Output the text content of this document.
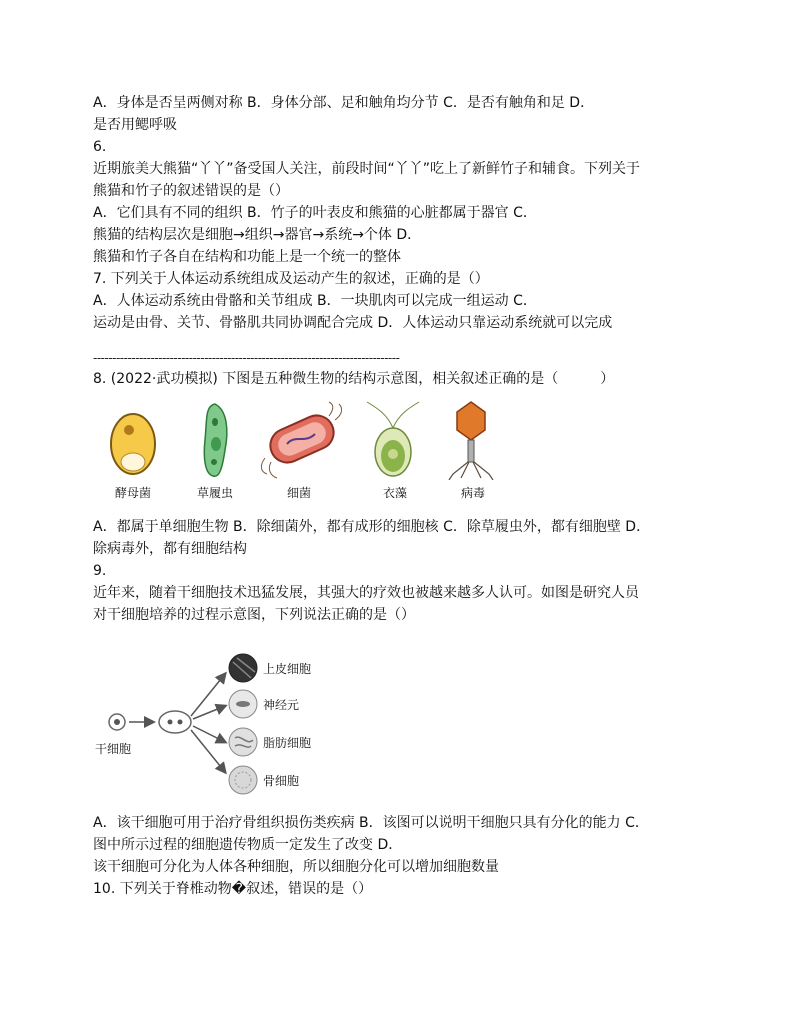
A．身体是否呈两侧对称 B．身体分部、足和触角均分节 C．是否有触角和足 D．
是否用鳃呼吸
6.
近期旅美大熊猫“丫丫”备受国人关注，前段时间“丫丫”吃上了新鲜竹子和辅食。下列关于
熊猫和竹子的叙述错误的是（）
A．它们具有不同的组织 B．竹子的叶表皮和熊猫的心脏都属于器官 C．
熊猫的结构层次是细胞→组织→器官→系统→个体 D．
熊猫和竹子各自在结构和功能上是一个统一的整体
7. 下列关于人体运动系统组成及运动产生的叙述，正确的是（）
A．人体运动系统由骨骼和关节组成 B．一块肌肉可以完成一组运动 C．
运动是由骨、关节、骨骼肌共同协调配合完成 D．人体运动只靠运动系统就可以完成
--------------------------------------------------------------------------------
8. (2022·武功模拟) 下图是五种微生物的结构示意图，相关叙述正确的是（　　　）
酵母菌	草履虫	细菌	衣藻	病毒
A．都属于单细胞生物 B．除细菌外，都有成形的细胞核 C．除草履虫外，都有细胞壁 D．
除病毒外，都有细胞结构
9.
近年来，随着干细胞技术迅猛发展，其强大的疗效也被越来越多人认可。如图是研究人员
对干细胞培养的过程示意图，下列说法正确的是（）
干细胞
上皮细胞
神经元
脂肪细胞
骨细胞
A．该干细胞可用于治疗骨组织损伤类疾病 B．该图可以说明干细胞只具有分化的能力 C．
图中所示过程的细胞遗传物质一定发生了改变 D．
该干细胞可分化为人体各种细胞，所以细胞分化可以增加细胞数量
10. 下列关于脊椎动物�叙述，错误的是（）
